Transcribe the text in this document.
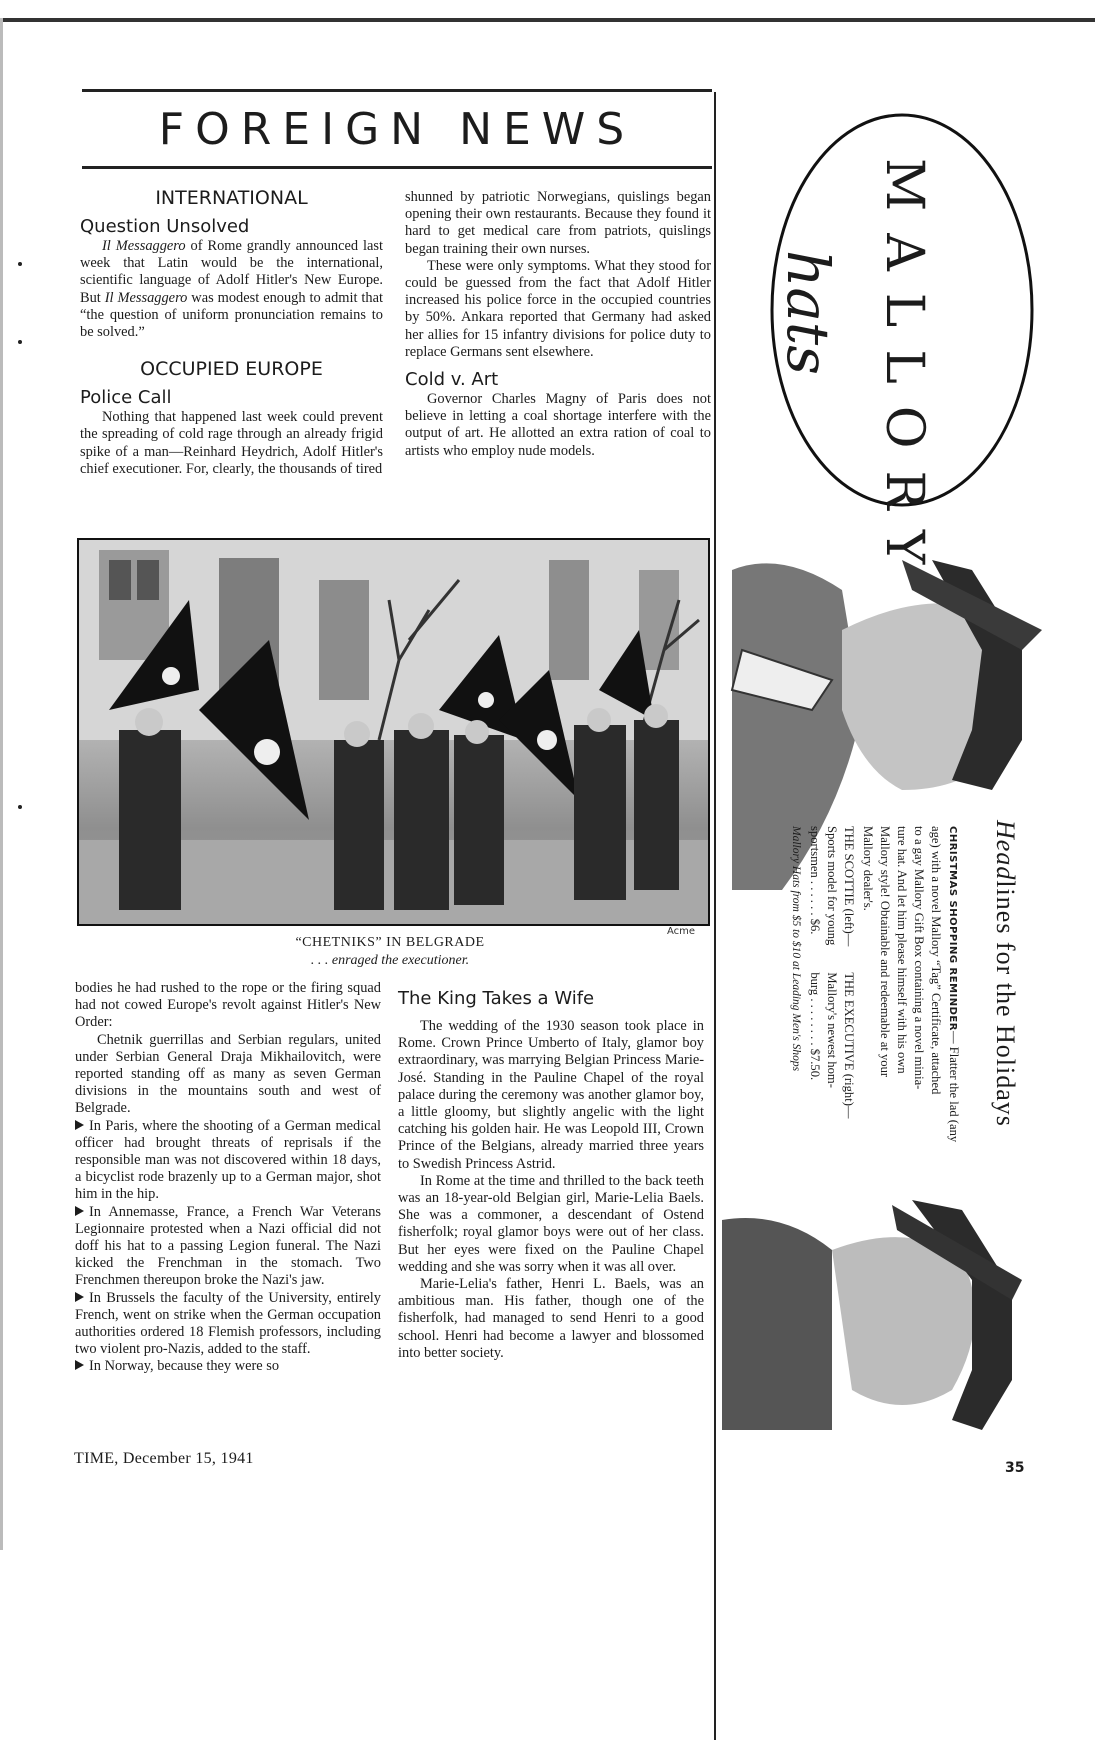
FOREIGN NEWS
INTERNATIONAL
Question Unsolved

Il Messaggero of Rome grandly announced last week that Latin would be the international, scientific language of Adolf Hitler's New Europe. But Il Messaggero was modest enough to admit that “the question of uniform pronunciation remains to be solved.”

OCCUPIED EUROPE
Police Call

Nothing that happened last week could prevent the spreading of cold rage through an already frigid spike of a man—Reinhard Heydrich, Adolf Hitler's chief executioner. For, clearly, the thousands of tired

shunned by patriotic Norwegians, quislings began opening their own restaurants. Because they found it hard to get medical care from patriots, quislings began training their own nurses.

These were only symptoms. What they stood for could be guessed from the fact that Adolf Hitler increased his police force in the occupied countries by 50%. Ankara reported that Germany had asked her allies for 15 infantry divisions for police duty to replace Germans sent elsewhere.

Cold v. Art

Governor Charles Magny of Paris does not believe in letting a coal shortage interfere with the output of art. He allotted an extra ration of coal to artists who employ nude models.

Acme
“CHETNIKS” IN BELGRADE
. . . enraged the executioner.

bodies he had rushed to the rope or the firing squad had not cowed Europe's revolt against Hitler's New Order:

Chetnik guerrillas and Serbian regulars, united under Serbian General Draja Mikhailovitch, were reported standing off as many as seven German divisions in the mountains south and west of Belgrade.

In Paris, where the shooting of a German medical officer had brought threats of reprisals if the responsible man was not discovered within 18 days, a bicyclist rode brazenly up to a German major, shot him in the hip.

In Annemasse, France, a French War Veterans Legionnaire protested when a Nazi official did not doff his hat to a passing Legion funeral. The Nazi kicked the Frenchman in the stomach. Two Frenchmen thereupon broke the Nazi's jaw.

In Brussels the faculty of the University, entirely French, went on strike when the German occupation authorities ordered 18 Flemish professors, including two violent pro-Nazis, added to the staff.

In Norway, because they were so

The King Takes a Wife

The wedding of the 1930 season took place in Rome. Crown Prince Umberto of Italy, glamor boy extraordinary, was marrying Belgian Princess Marie-José. Standing in the Pauline Chapel of the royal palace during the ceremony was another glamor boy, a little gloomy, but slightly angelic with the light catching his golden hair. He was Leopold III, Crown Prince of the Belgians, already married three years to Swedish Princess Astrid.

In Rome at the time and thrilled to the back teeth was an 18-year-old Belgian girl, Marie-Lelia Baels. She was a commoner, a descendant of Ostend fisherfolk; royal glamor boys were out of her class. But her eyes were fixed on the Pauline Chapel wedding and she was sorry when it was all over.

Marie-Lelia's father, Henri L. Baels, was an ambitious man. His father, though one of the fisherfolk, had managed to send Henri to a good school. Henri had become a lawyer and blossomed into better society.

TIME, December 15, 1941
35
MALLORY
hats
Headlines for the Holidays
CHRISTMAS SHOPPING REMINDER— Flatter the lad (any
age) with a novel Mallory “Tag” Certificate, attached
to a gay Mallory Gift Box containing a novel minia-
ture hat. And let him please himself with his own
Mallory style! Obtainable and redeemable at your
Mallory dealer's.
THE SCOTTIE (left)—
Sports model for young
sportsmen . . . . . . $6.
THE EXECUTIVE (right)—
Mallory's newest hom-
burg . . . . . . . . $7.50.
Mallory Hats from $5 to $10 at Leading Men's Shops
